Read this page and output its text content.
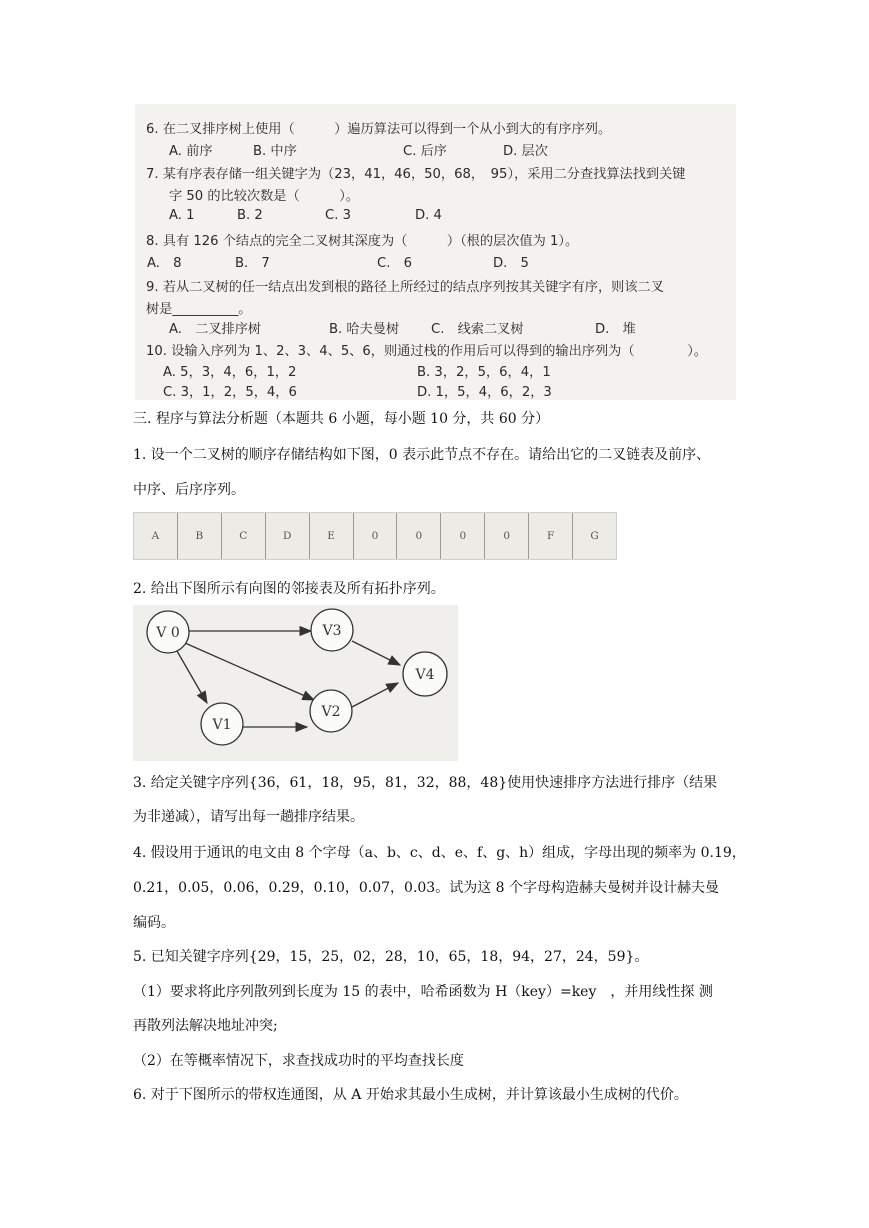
6. 在二叉排序树上使用（　　　）遍历算法可以得到一个从小到大的有序序列。
A. 前序	B. 中序	C. 后序	D. 层次
7. 某有序表存储一组关键字为（23，41，46，50，68，　95），采用二分查找算法找到关键
字 50 的比较次数是（　　　）。
A. 1	B. 2	C. 3	D. 4
8. 具有 126 个结点的完全二叉树其深度为（　　　）（根的层次值为 1）。
A.　8	B.　7	C.　6	D.　5
9. 若从二叉树的任一结点出发到根的路径上所经过的结点序列按其关键字有序，则该二叉
树是__________。
A.　二叉排序树	B. 哈夫曼树 C.　线索二叉树	D.　堆
10. 设输入序列为 1、2、3、4、5、6，则通过栈的作用后可以得到的输出序列为（　　　　）。
A. 5，3，4，6，1，2	B. 3，2，5，6，4，1
C. 3，1，2，5，4，6	D. 1，5，4，6，2，3
三. 程序与算法分析题（本题共 6 小题，每小题 10 分，共 60 分）
1. 设一个二叉树的顺序存储结构如下图，0 表示此节点不存在。请给出它的二叉链表及前序、
中序、后序序列。
A	B	C	D	E	0	0	0	0	F	G
2. 给出下图所示有向图的邻接表及所有拓扑序列。
V 0	V3
V4
V1
V2
3. 给定关键字序列{36，61，18，95，81，32，88，48}使用快速排序方法进行排序（结果
为非递减），请写出每一趟排序结果。
4. 假设用于通讯的电文由 8 个字母（a、b、c、d、e、f、g、h）组成，字母出现的频率为 0.19，
0.21，0.05，0.06，0.29，0.10，0.07，0.03。试为这 8 个字母构造赫夫曼树并设计赫夫曼
编码。
5. 已知关键字序列{29，15，25，02，28，10，65，18，94，27，24，59}。
（1）要求将此序列散列到长度为 15 的表中，哈希函数为 H（key）=key　，并用线性探 测
再散列法解决地址冲突;
（2）在等概率情况下，求查找成功时的平均查找长度
6. 对于下图所示的带权连通图，从 A 开始求其最小生成树，并计算该最小生成树的代价。
